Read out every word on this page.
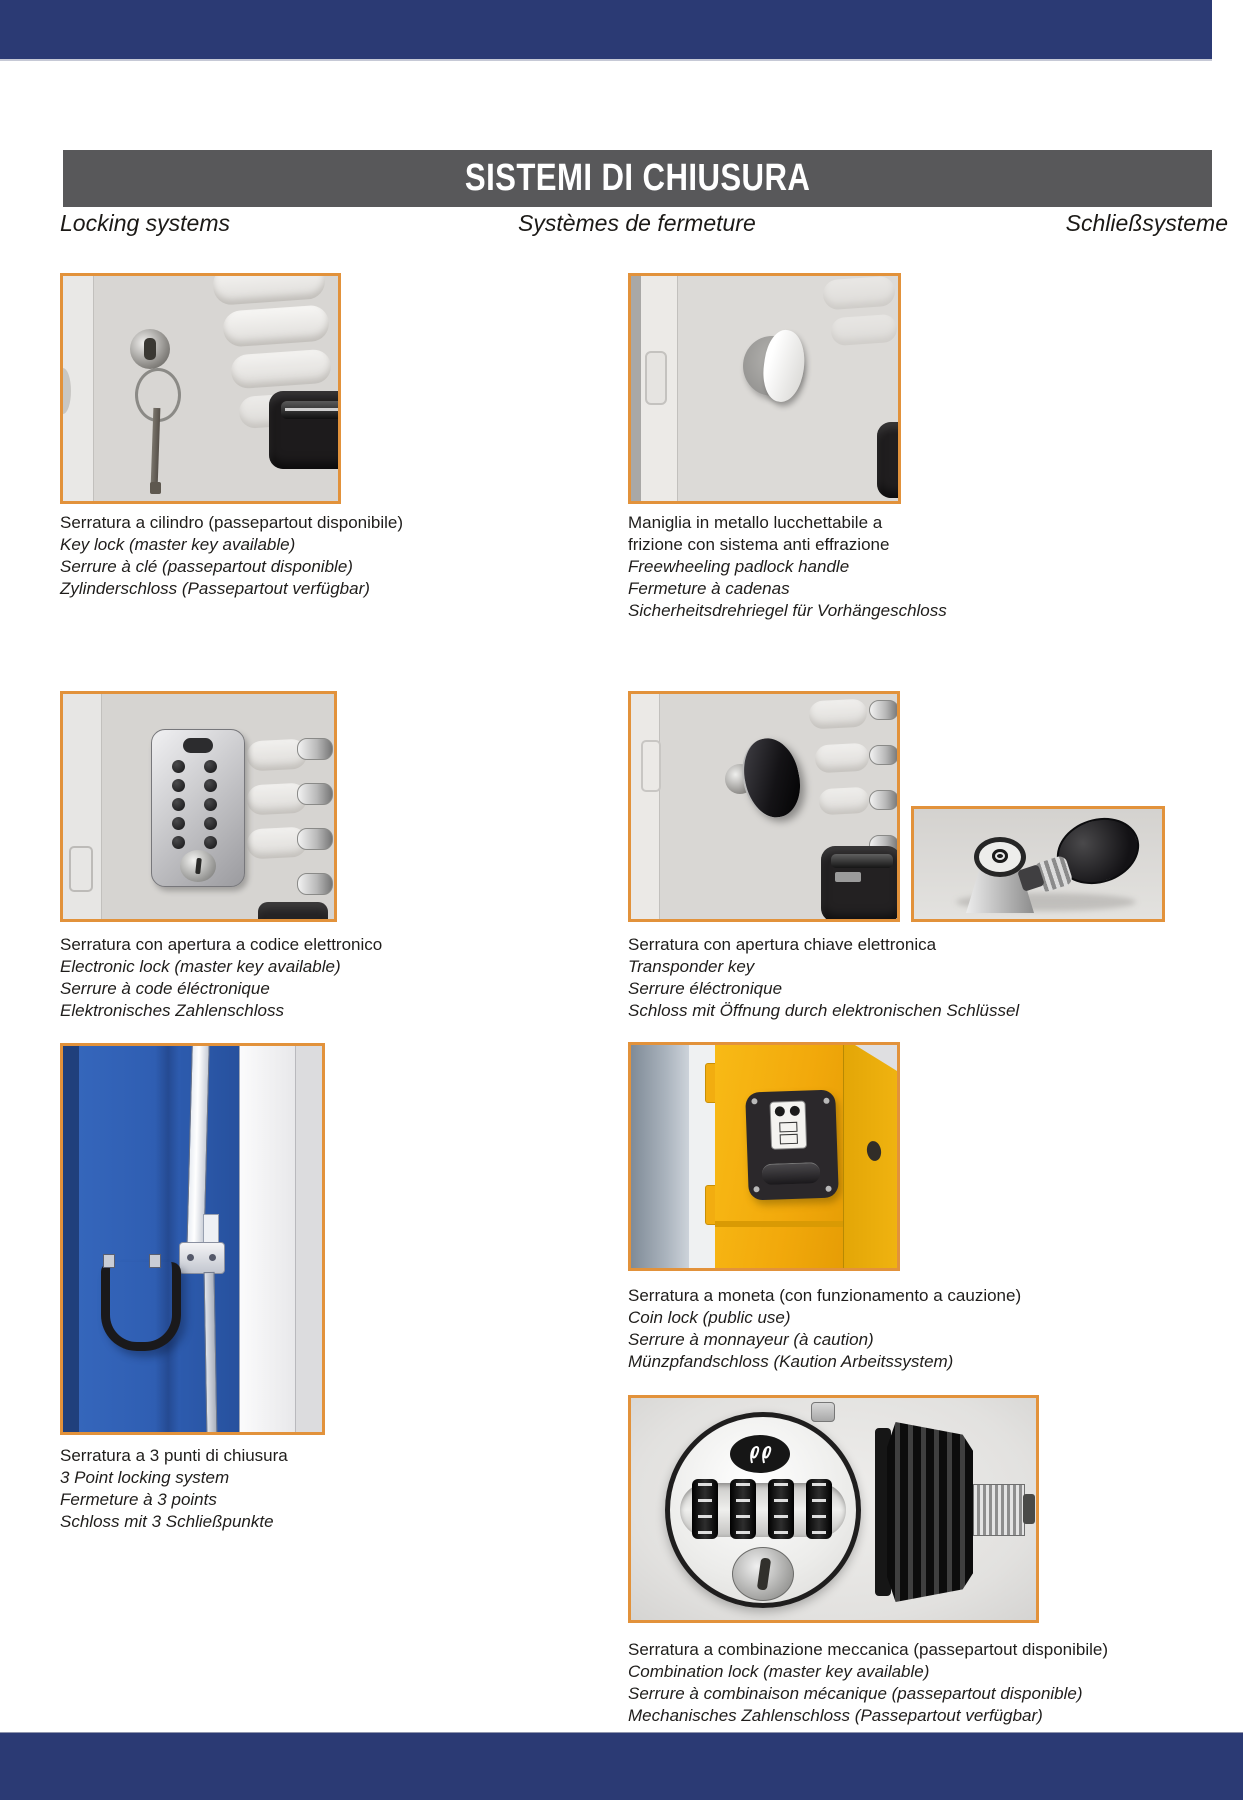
SISTEMI DI CHIUSURA
Locking systems	Systèmes de fermeture	Schließsysteme
Serratura a cilindro (passepartout disponibile)
Key lock (master key available)
Serrure à clé (passepartout disponible)
Zylinderschloss (Passepartout verfügbar)
Maniglia in metallo lucchettabile a
frizione con sistema anti effrazione
Freewheeling padlock handle
Fermeture à cadenas
Sicherheitsdrehriegel für Vorhängeschloss
Serratura con apertura a codice elettronico
Electronic lock (master key available)
Serrure à code éléctronique
Elektronisches Zahlenschloss
Serratura con apertura chiave elettronica
Transponder key
Serrure éléctronique
Schloss mit Öffnung durch elektronischen Schlüssel
Serratura a moneta (con funzionamento a cauzione)
Coin lock (public use)
Serrure à monnayeur (à caution)
Münzpfandschloss (Kaution Arbeitssystem)
Serratura a 3 punti di chiusura
3 Point locking system
Fermeture à 3 points
Schloss mit 3 Schließpunkte
Serratura a combinazione meccanica (passepartout disponibile)
Combination lock (master key available)
Serrure à combinaison mécanique (passepartout disponible)
Mechanisches Zahlenschloss (Passepartout verfügbar)
